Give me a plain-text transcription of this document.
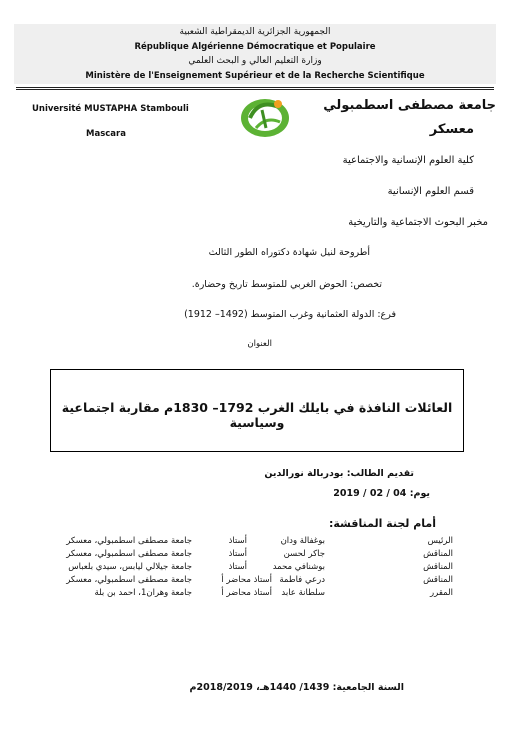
الجمهورية الجزائرية الديمقراطية الشعبية
République Algérienne Démocratique et Populaire
وزارة التعليم العالي و البحث العلمي
Ministère de l'Enseignement Supérieur et de la Recherche Scientifique
Université MUSTAPHA Stambouli
Mascara
جامعة مصطفى اسطمبولي
معسكر
كلية العلوم الإنسانية والاجتماعية
قسم العلوم الإنسانية
مخبر البحوث الاجتماعية والتاريخية
أطروحة لنيل شهادة دكتوراه الطور الثالث
تخصص: الحوض الغربي للمتوسط تاريخ وحضارة.
فرع: الدولة العثمانية وغرب المتوسط (1492– 1912)
العنوان
العائلات النافذة في بايلك الغرب 1792– 1830م مقاربة اجتماعية وسياسية
تقديم الطالب: بودربالة نورالدين
يوم: 04 / 02 / 2019
أمام لجنة المناقشة:
الرئيس
بوغفالة ودان
أستاذ
جامعة مصطفى اسطمبولي، معسكر
المناقش
جاكر لحسن
أستاذ
جامعة مصطفى اسطمبولي، معسكر
المناقش
بوشنافي محمد
أستاذ
جامعة جيلالي ليابس، سيدي بلعباس
المناقش
درعي فاطمة
أستاذ محاضر أ
جامعة مصطفى اسطمبولي، معسكر
المقرر
سلطانة عابد
أستاذ محاضر أ
جامعة وهران1، احمد بن بلة
السنة الجامعية: 1439/ 1440هـ، 2018/2019م
